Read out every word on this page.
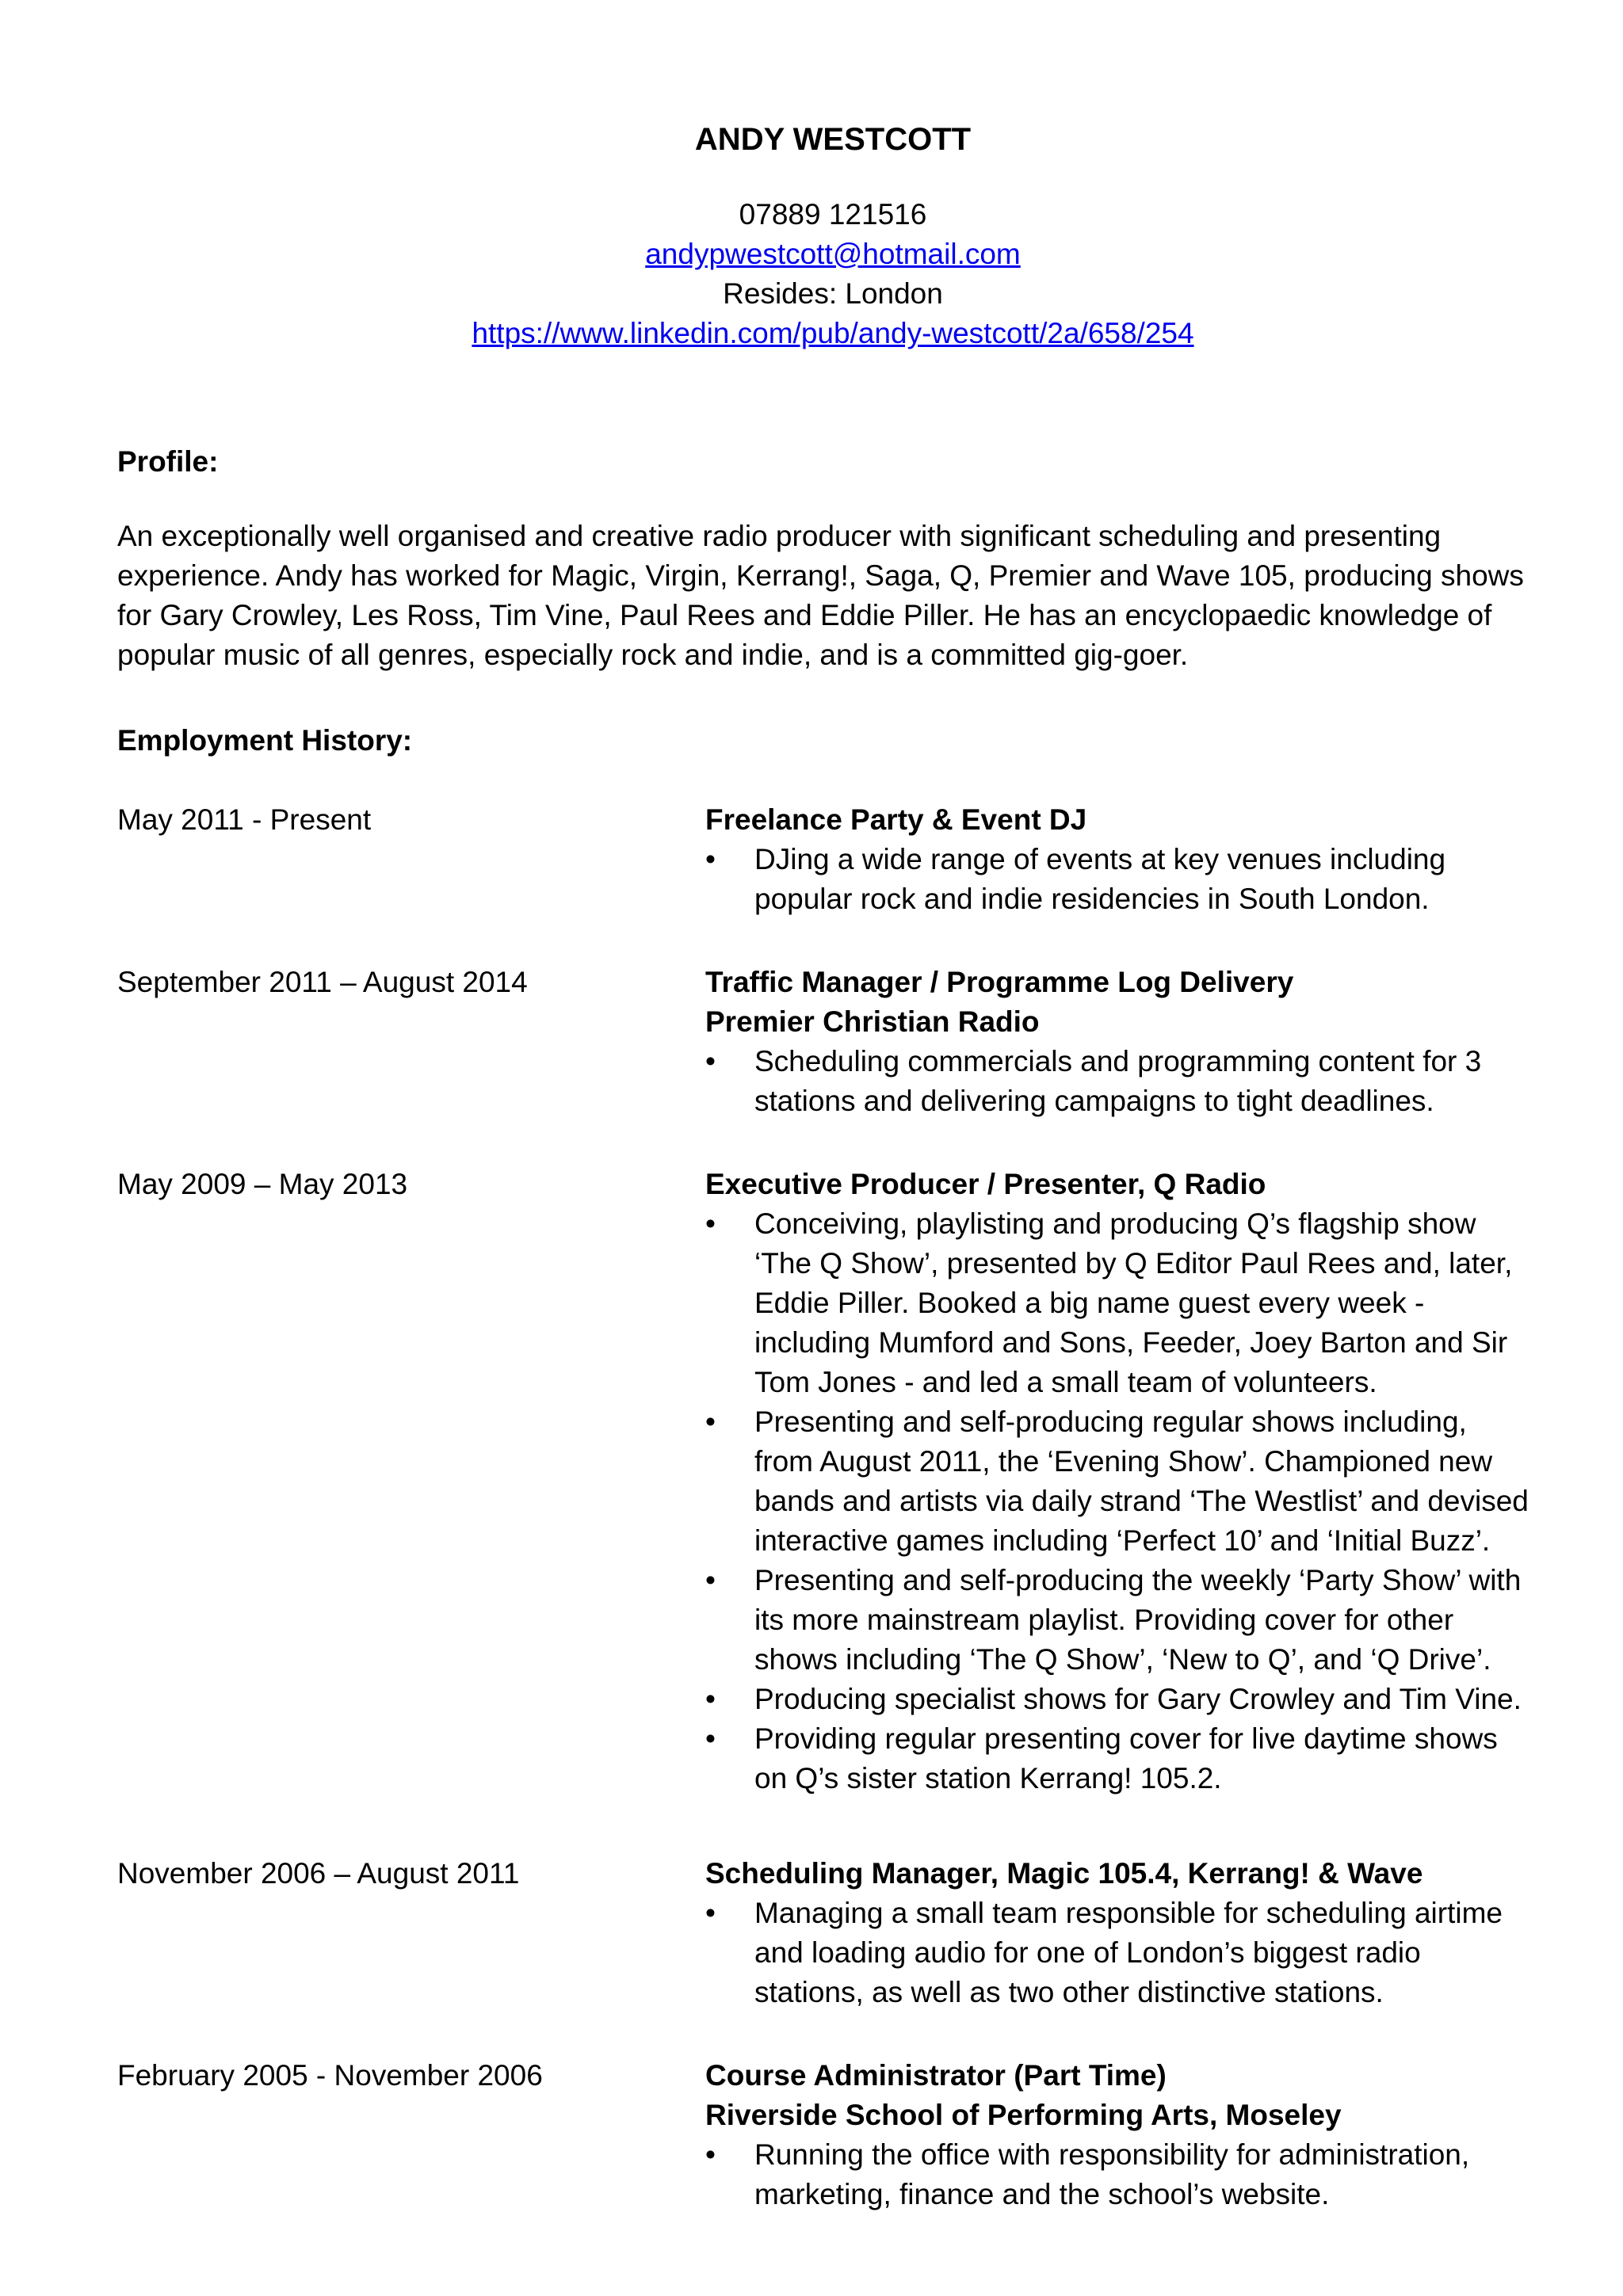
ANDY WESTCOTT
07889 121516
andypwestcott@hotmail.com
Resides: London
https://www.linkedin.com/pub/andy-westcott/2a/658/254
Profile:
An exceptionally well organised and creative radio producer with significant scheduling and presenting
experience. Andy has worked for Magic, Virgin, Kerrang!, Saga, Q, Premier and Wave 105, producing shows
for Gary Crowley, Les Ross, Tim Vine, Paul Rees and Eddie Piller. He has an encyclopaedic knowledge of
popular music of all genres, especially rock and indie, and is a committed gig-goer.
Employment History:
May 2011 - Present	Freelance Party & Event DJ
• DJing a wide range of events at key venues including
popular rock and indie residencies in South London.
September 2011 – August 2014	Traffic Manager / Programme Log Delivery
Premier Christian Radio
• Scheduling commercials and programming content for 3
stations and delivering campaigns to tight deadlines.
May 2009 – May 2013	Executive Producer / Presenter, Q Radio
• Conceiving, playlisting and producing Q’s flagship show
‘The Q Show’, presented by Q Editor Paul Rees and, later,
Eddie Piller. Booked a big name guest every week -
including Mumford and Sons, Feeder, Joey Barton and Sir
Tom Jones - and led a small team of volunteers.
• Presenting and self-producing regular shows including,
from August 2011, the ‘Evening Show’. Championed new
bands and artists via daily strand ‘The Westlist’ and devised
interactive games including ‘Perfect 10’ and ‘Initial Buzz’.
• Presenting and self-producing the weekly ‘Party Show’ with
its more mainstream playlist. Providing cover for other
shows including ‘The Q Show’, ‘New to Q’, and ‘Q Drive’.
• Producing specialist shows for Gary Crowley and Tim Vine.
• Providing regular presenting cover for live daytime shows
on Q’s sister station Kerrang! 105.2.
November 2006 – August 2011	Scheduling Manager, Magic 105.4, Kerrang! & Wave
• Managing a small team responsible for scheduling airtime
and loading audio for one of London’s biggest radio
stations, as well as two other distinctive stations.
February 2005 - November 2006	Course Administrator (Part Time)
Riverside School of Performing Arts, Moseley
• Running the office with responsibility for administration,
marketing, finance and the school’s website.
